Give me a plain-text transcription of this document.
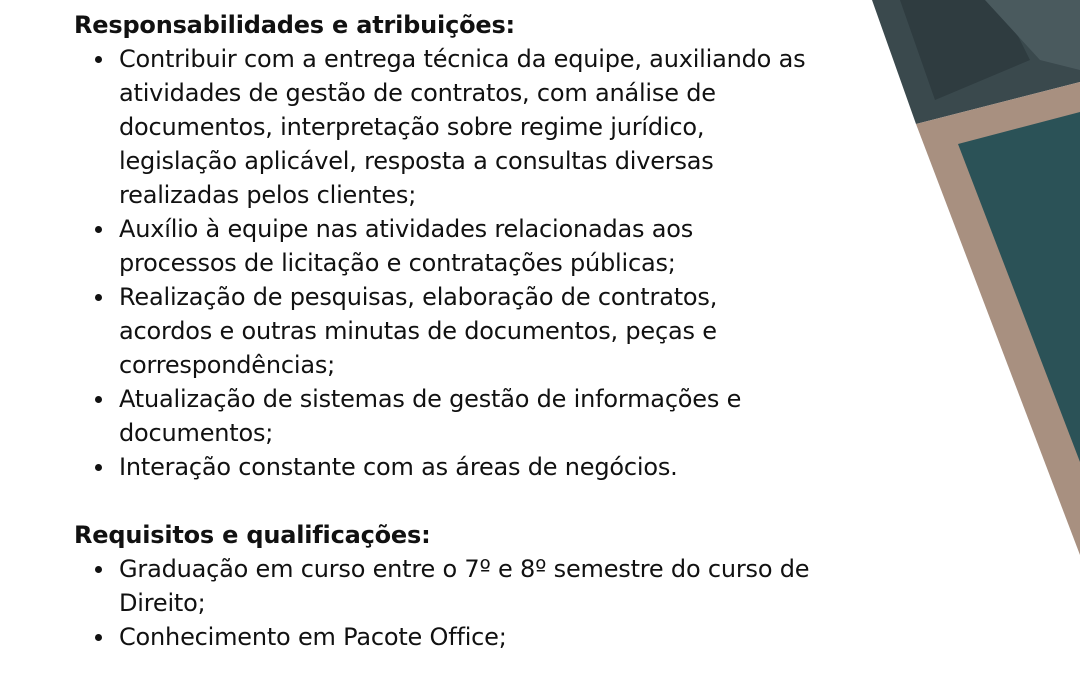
Responsabilidades e atribuições:
Contribuir com a entrega técnica da equipe, auxiliando as atividades de gestão de contratos, com análise de documentos, interpretação sobre regime jurídico, legislação aplicável, resposta a consultas diversas realizadas pelos clientes;
Auxílio à equipe nas atividades relacionadas aos processos de licitação e contratações públicas;
Realização de pesquisas, elaboração de contratos, acordos e outras minutas de documentos, peças e correspondências;
Atualização de sistemas de gestão de informações e documentos;
Interação constante com as áreas de negócios.
Requisitos e qualificações:
Graduação em curso entre o 7º e 8º semestre do curso de Direito;
Conhecimento em Pacote Office;
